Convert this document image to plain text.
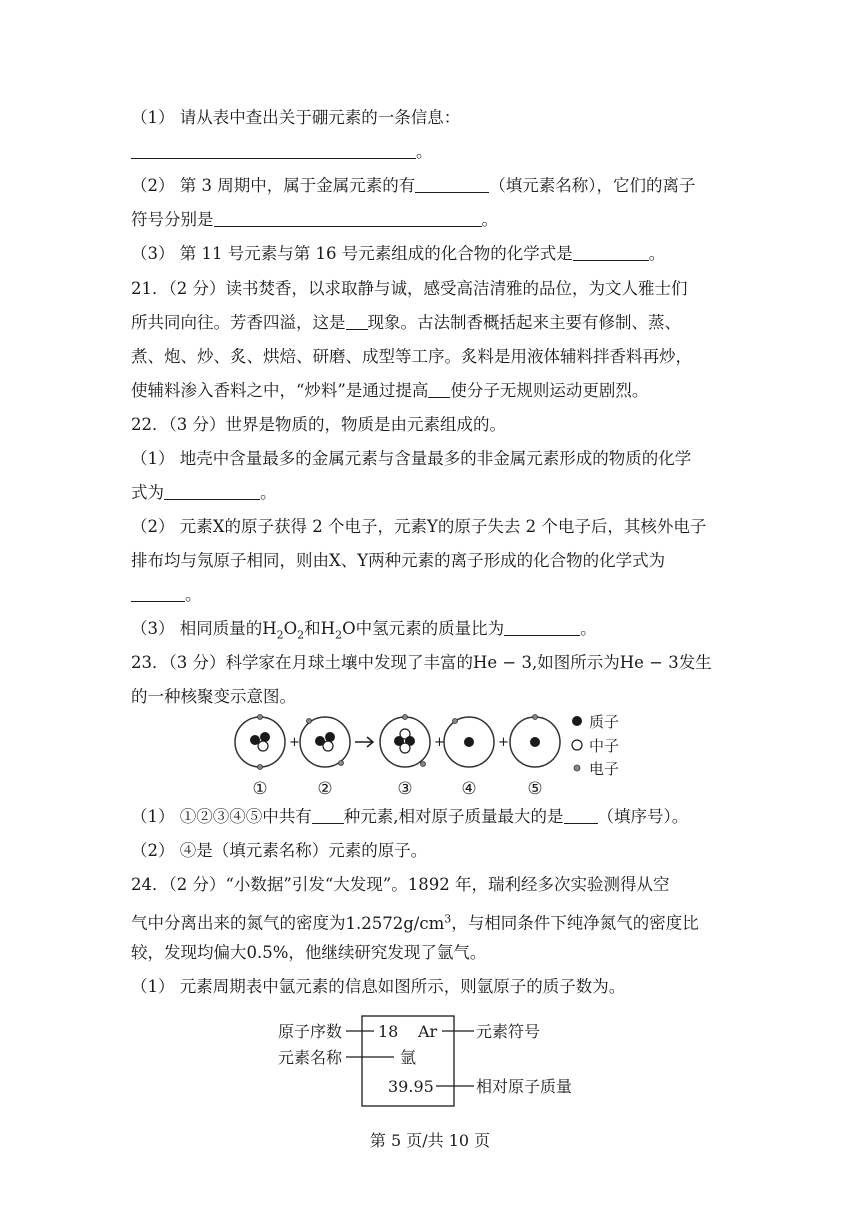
（1） 请从表中查出关于硼元素的一条信息：
。
（2） 第 3 周期中，属于金属元素的有	（填元素名称），它们的离子
符号分别是	。
（3） 第 11 号元素与第 16 号元素组成的化合物的化学式是	。
21．（2 分）读书焚香，以求取静与诚，感受高洁清雅的品位，为文人雅士们
所共同向往。芳香四溢，这是 现象。古法制香概括起来主要有修制、蒸、
煮、炮、炒、炙、烘焙、研磨、成型等工序。炙料是用液体辅料拌香料再炒，
使辅料渗入香料之中，“炒料”是通过提高 使分子无规则运动更剧烈。
22．（3 分）世界是物质的，物质是由元素组成的。
（1） 地壳中含量最多的金属元素与含量最多的非金属元素形成的物质的化学
式为	。
（2） 元素X的原子获得 2 个电子，元素Y的原子失去 2 个电子后，其核外电子
排布均与氖原子相同，则由X、Y两种元素的离子形成的化合物的化学式为
。
（3） 相同质量的$H_2O_2$和$H_2O$中氢元素的质量比为	。
23．（3 分）科学家在月球土壤中发现了丰富的He − 3,如图所示为He − 3发生
的一种核聚变示意图。
+	+	+
①	②	③	④	⑤
质子
中子
电子
（1） ①②③④⑤中共有 种元素,相对原子质量最大的是 （填序号）。
（2） ④是（填元素名称）元素的原子。
24．（2 分）“小数据”引发“大发现”。1892 年，瑞利经多次实验测得从空
气中分离出来的氮气的密度为$1.2572g/cm^3$，与相同条件下纯净氮气的密度比
较，发现均偏大0.5%，他继续研究发现了氩气。
（1） 元素周期表中氩元素的信息如图所示，则氩原子的质子数为。
原子序数 18 Ar 元素符号
元素名称	氩
39.95	相对原子质量
第 5 页/共 10 页
